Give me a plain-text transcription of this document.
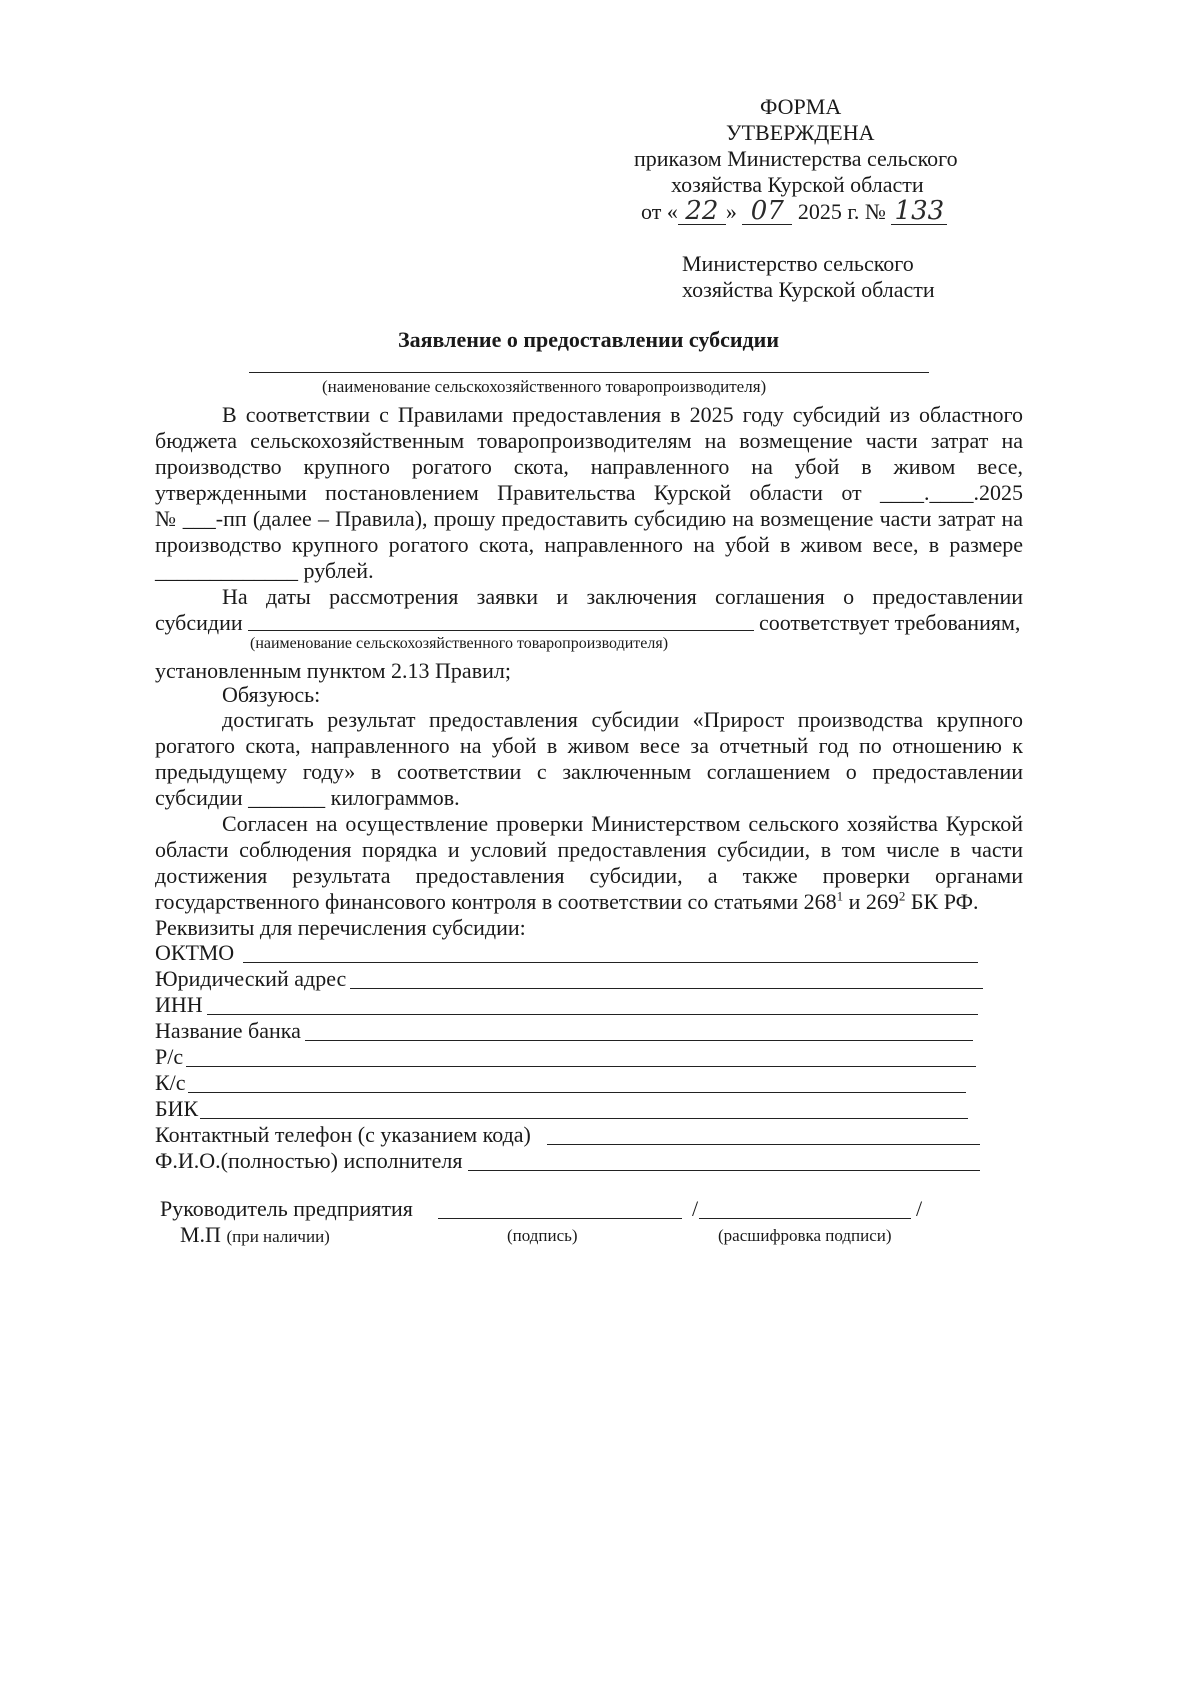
ФОРМА
УТВЕРЖДЕНА
приказом Министерства сельского
хозяйства Курской области
от « 22 » 07 2025 г. № 133
Министерство сельского
хозяйства Курской области
Заявление о предоставлении субсидии
(наименование сельскохозяйственного товаропроизводителя)
В соответствии с Правилами предоставления в 2025 году субсидий из областного
бюджета сельскохозяйственным товаропроизводителям на возмещение части затрат на
производство крупного рогатого скота, направленного на убой в живом весе,
утвержденными постановлением Правительства Курской области от ____.____.2025
№ ___-пп (далее – Правила), прошу предоставить субсидию на возмещение части затрат на
производство крупного рогатого скота, направленного на убой в живом весе, в размере
_____________ рублей.
На даты рассмотрения заявки и заключения соглашения о предоставлении
субсидии	соответствует требованиям,
(наименование сельскохозяйственного товаропроизводителя)
установленным пунктом 2.13 Правил;
Обязуюсь:
достигать результат предоставления субсидии «Прирост производства крупного
рогатого скота, направленного на убой в живом весе за отчетный год по отношению к
предыдущему году» в соответствии с заключенным соглашением о предоставлении
субсидии _______ килограммов.
Согласен на осуществление проверки Министерством сельского хозяйства Курской
области соблюдения порядка и условий предоставления субсидии, в том числе в части
достижения результата предоставления субсидии, а также проверки органами
государственного финансового контроля в соответствии со статьями $268^1$ и $269^2$ БК РФ.
Реквизиты для перечисления субсидии:
ОКТМО
Юридический адрес
ИНН
Название банка
Р/с
К/с
БИК
Контактный телефон (с указанием кода)
Ф.И.О.(полностью) исполнителя
Руководитель предприятия	/	/
М.П (при наличии)	(подпись)	(расшифровка подписи)
